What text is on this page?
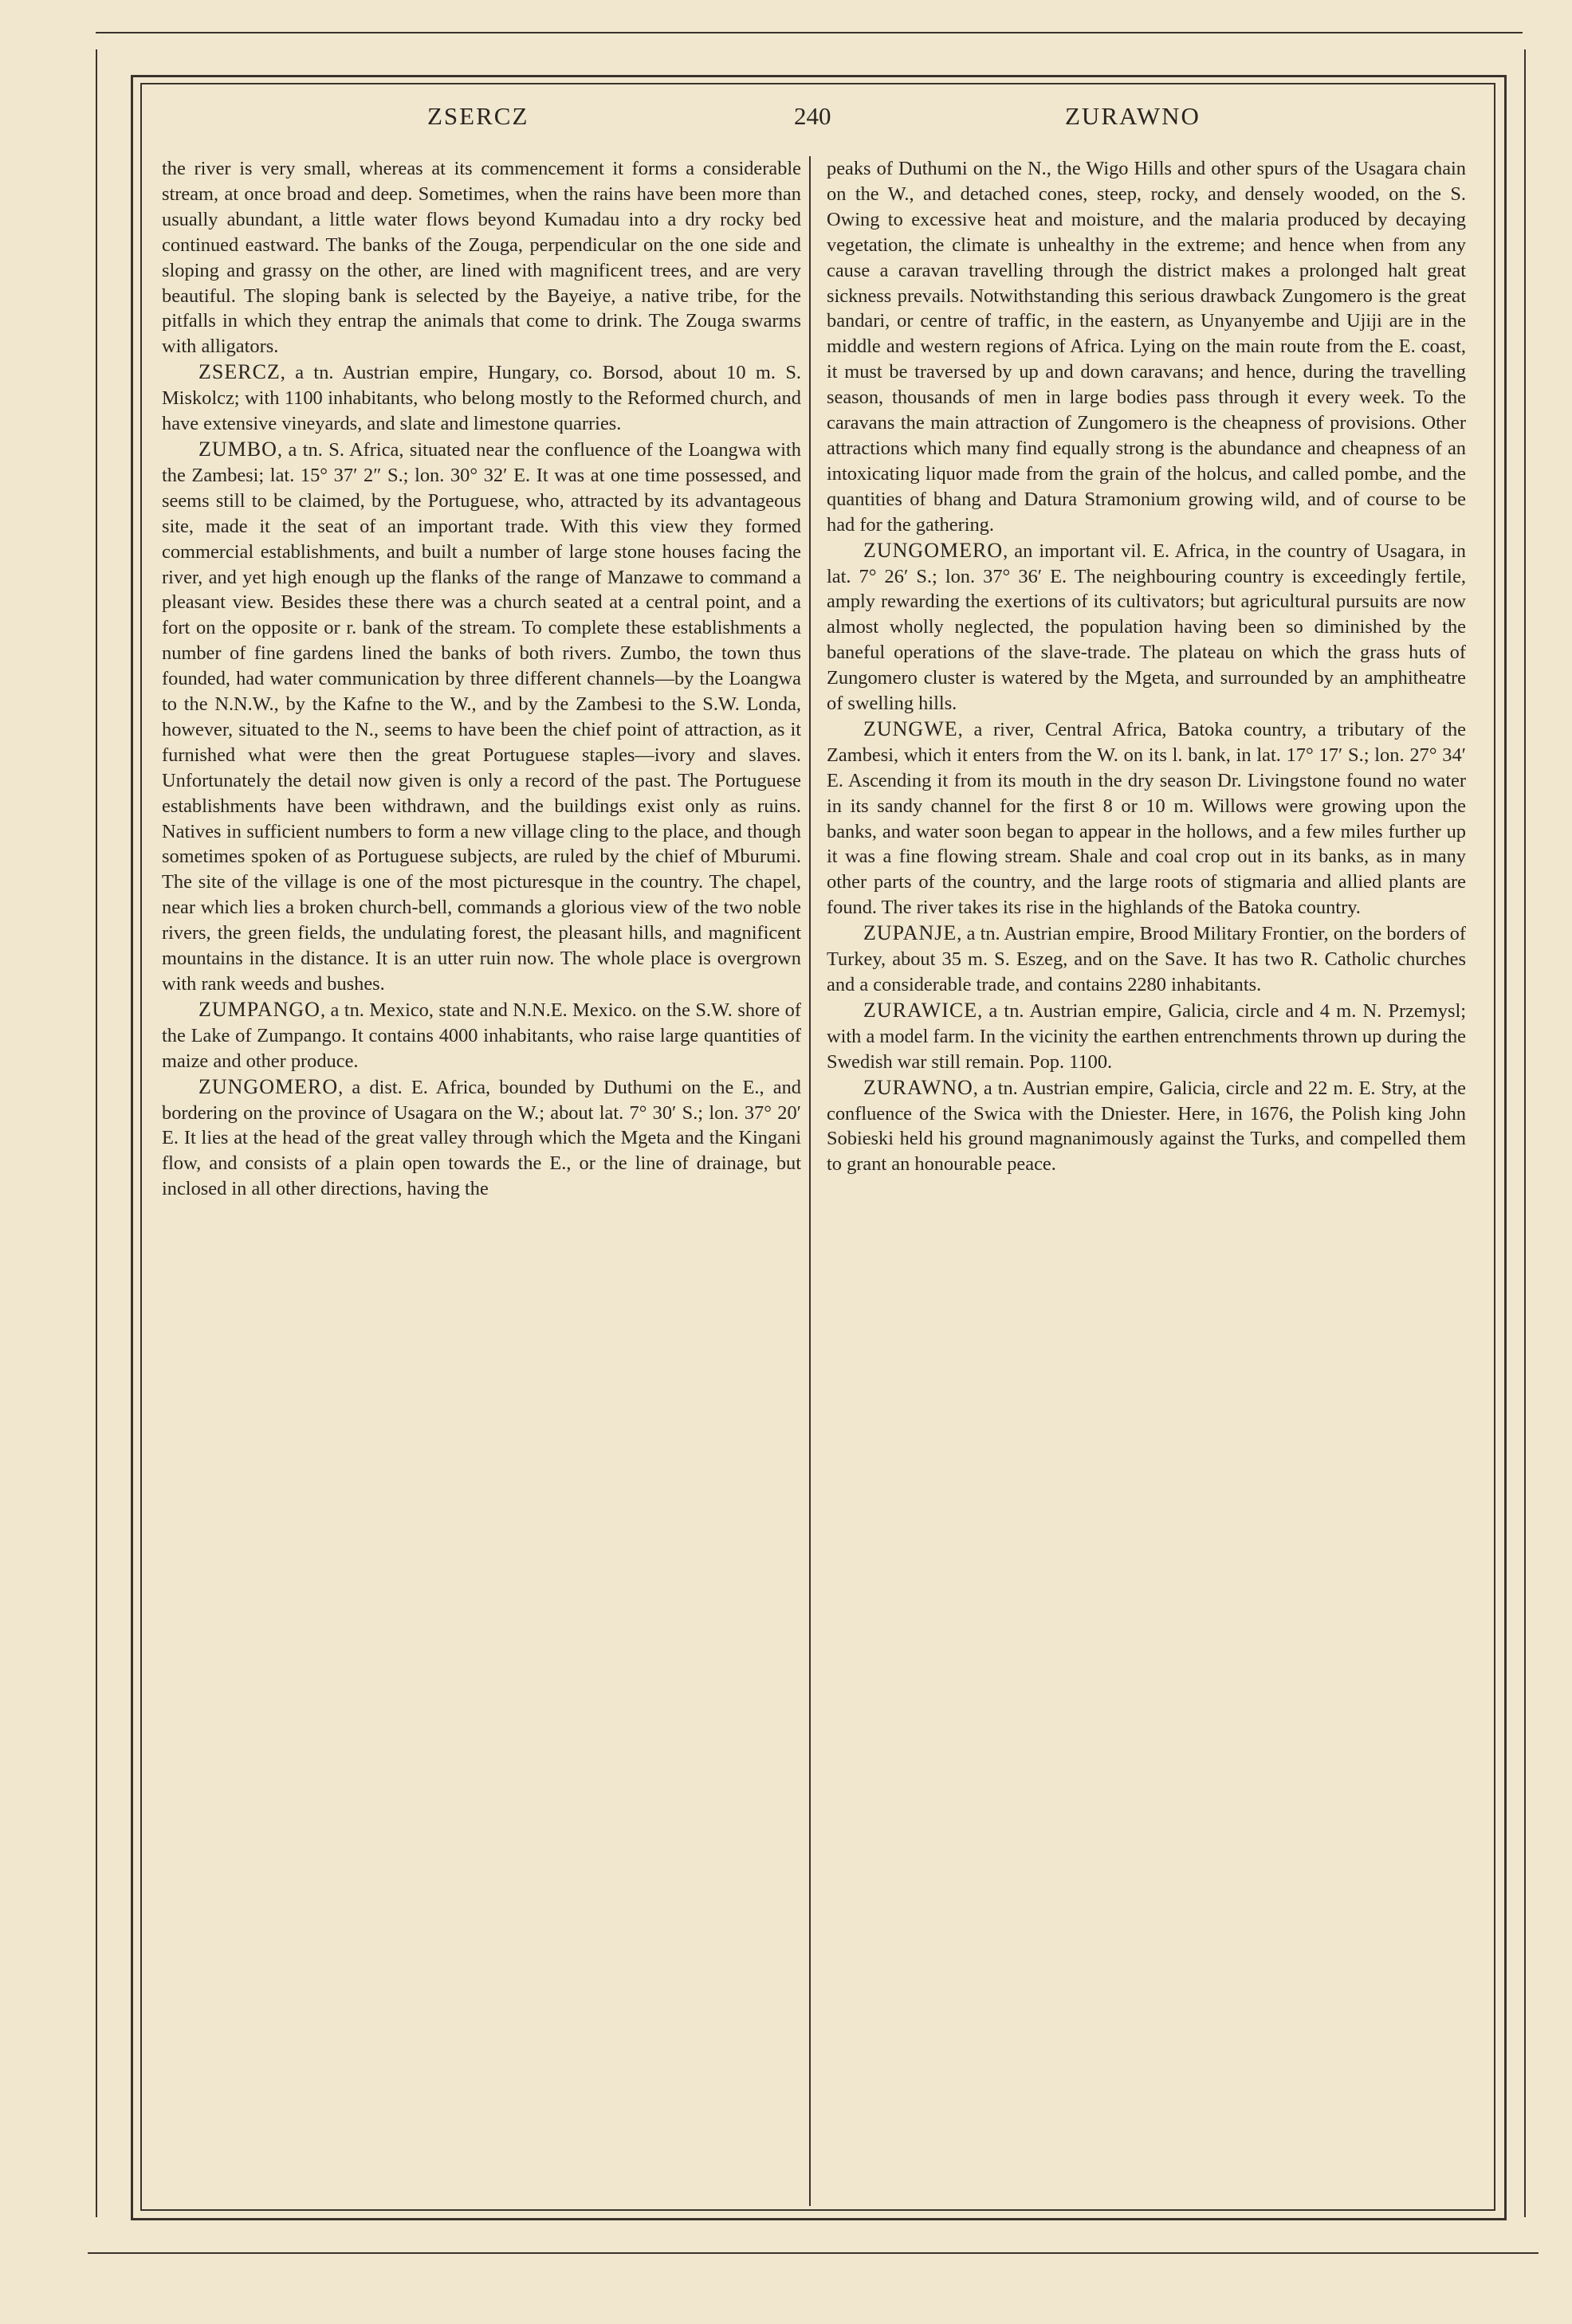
ZSERCZ	240	ZURAWNO

the river is very small, whereas at its commencement it forms a considerable stream, at once broad and deep. Sometimes, when the rains have been more than usually abundant, a little water flows beyond Kumadau into a dry rocky bed continued eastward. The banks of the Zouga, perpendicular on the one side and sloping and grassy on the other, are lined with magnificent trees, and are very beautiful. The sloping bank is selected by the Bayeiye, a native tribe, for the pitfalls in which they entrap the animals that come to drink. The Zouga swarms with alligators.

ZSERCZ, a tn. Austrian empire, Hungary, co. Borsod, about 10 m. S. Miskolcz; with 1100 inhabitants, who belong mostly to the Reformed church, and have extensive vineyards, and slate and limestone quarries.

ZUMBO, a tn. S. Africa, situated near the confluence of the Loangwa with the Zambesi; lat. 15° 37′ 2″ S.; lon. 30° 32′ E. It was at one time possessed, and seems still to be claimed, by the Portuguese, who, attracted by its advantageous site, made it the seat of an important trade. With this view they formed commercial establishments, and built a number of large stone houses facing the river, and yet high enough up the flanks of the range of Manzawe to command a pleasant view. Besides these there was a church seated at a central point, and a fort on the opposite or r. bank of the stream. To complete these establishments a number of fine gardens lined the banks of both rivers. Zumbo, the town thus founded, had water communication by three different channels—by the Loangwa to the N.N.W., by the Kafne to the W., and by the Zambesi to the S.W. Londa, however, situated to the N., seems to have been the chief point of attraction, as it furnished what were then the great Portuguese staples—ivory and slaves. Unfortunately the detail now given is only a record of the past. The Portuguese establishments have been withdrawn, and the buildings exist only as ruins. Natives in sufficient numbers to form a new village cling to the place, and though sometimes spoken of as Portuguese subjects, are ruled by the chief of Mburumi. The site of the village is one of the most picturesque in the country. The chapel, near which lies a broken church-bell, commands a glorious view of the two noble rivers, the green fields, the undulating forest, the pleasant hills, and magnificent mountains in the distance. It is an utter ruin now. The whole place is overgrown with rank weeds and bushes.

ZUMPANGO, a tn. Mexico, state and N.N.E. Mexico. on the S.W. shore of the Lake of Zumpango. It contains 4000 inhabitants, who raise large quantities of maize and other produce.

ZUNGOMERO, a dist. E. Africa, bounded by Duthumi on the E., and bordering on the province of Usagara on the W.; about lat. 7° 30′ S.; lon. 37° 20′ E. It lies at the head of the great valley through which the Mgeta and the Kingani flow, and consists of a plain open towards the E., or the line of drainage, but inclosed in all other directions, having the

peaks of Duthumi on the N., the Wigo Hills and other spurs of the Usagara chain on the W., and detached cones, steep, rocky, and densely wooded, on the S. Owing to excessive heat and moisture, and the malaria produced by decaying vegetation, the climate is unhealthy in the extreme; and hence when from any cause a caravan travelling through the district makes a prolonged halt great sickness prevails. Notwithstanding this serious drawback Zungomero is the great bandari, or centre of traffic, in the eastern, as Unyanyembe and Ujiji are in the middle and western regions of Africa. Lying on the main route from the E. coast, it must be traversed by up and down caravans; and hence, during the travelling season, thousands of men in large bodies pass through it every week. To the caravans the main attraction of Zungomero is the cheapness of provisions. Other attractions which many find equally strong is the abundance and cheapness of an intoxicating liquor made from the grain of the holcus, and called pombe, and the quantities of bhang and Datura Stramonium growing wild, and of course to be had for the gathering.

ZUNGOMERO, an important vil. E. Africa, in the country of Usagara, in lat. 7° 26′ S.; lon. 37° 36′ E. The neighbouring country is exceedingly fertile, amply rewarding the exertions of its cultivators; but agricultural pursuits are now almost wholly neglected, the population having been so diminished by the baneful operations of the slave-trade. The plateau on which the grass huts of Zungomero cluster is watered by the Mgeta, and surrounded by an amphitheatre of swelling hills.

ZUNGWE, a river, Central Africa, Batoka country, a tributary of the Zambesi, which it enters from the W. on its l. bank, in lat. 17° 17′ S.; lon. 27° 34′ E. Ascending it from its mouth in the dry season Dr. Livingstone found no water in its sandy channel for the first 8 or 10 m. Willows were growing upon the banks, and water soon began to appear in the hollows, and a few miles further up it was a fine flowing stream. Shale and coal crop out in its banks, as in many other parts of the country, and the large roots of stigmaria and allied plants are found. The river takes its rise in the highlands of the Batoka country.

ZUPANJE, a tn. Austrian empire, Brood Military Frontier, on the borders of Turkey, about 35 m. S. Eszeg, and on the Save. It has two R. Catholic churches and a considerable trade, and contains 2280 inhabitants.

ZURAWICE, a tn. Austrian empire, Galicia, circle and 4 m. N. Przemysl; with a model farm. In the vicinity the earthen entrenchments thrown up during the Swedish war still remain. Pop. 1100.

ZURAWNO, a tn. Austrian empire, Galicia, circle and 22 m. E. Stry, at the confluence of the Swica with the Dniester. Here, in 1676, the Polish king John Sobieski held his ground magnanimously against the Turks, and compelled them to grant an honourable peace.
